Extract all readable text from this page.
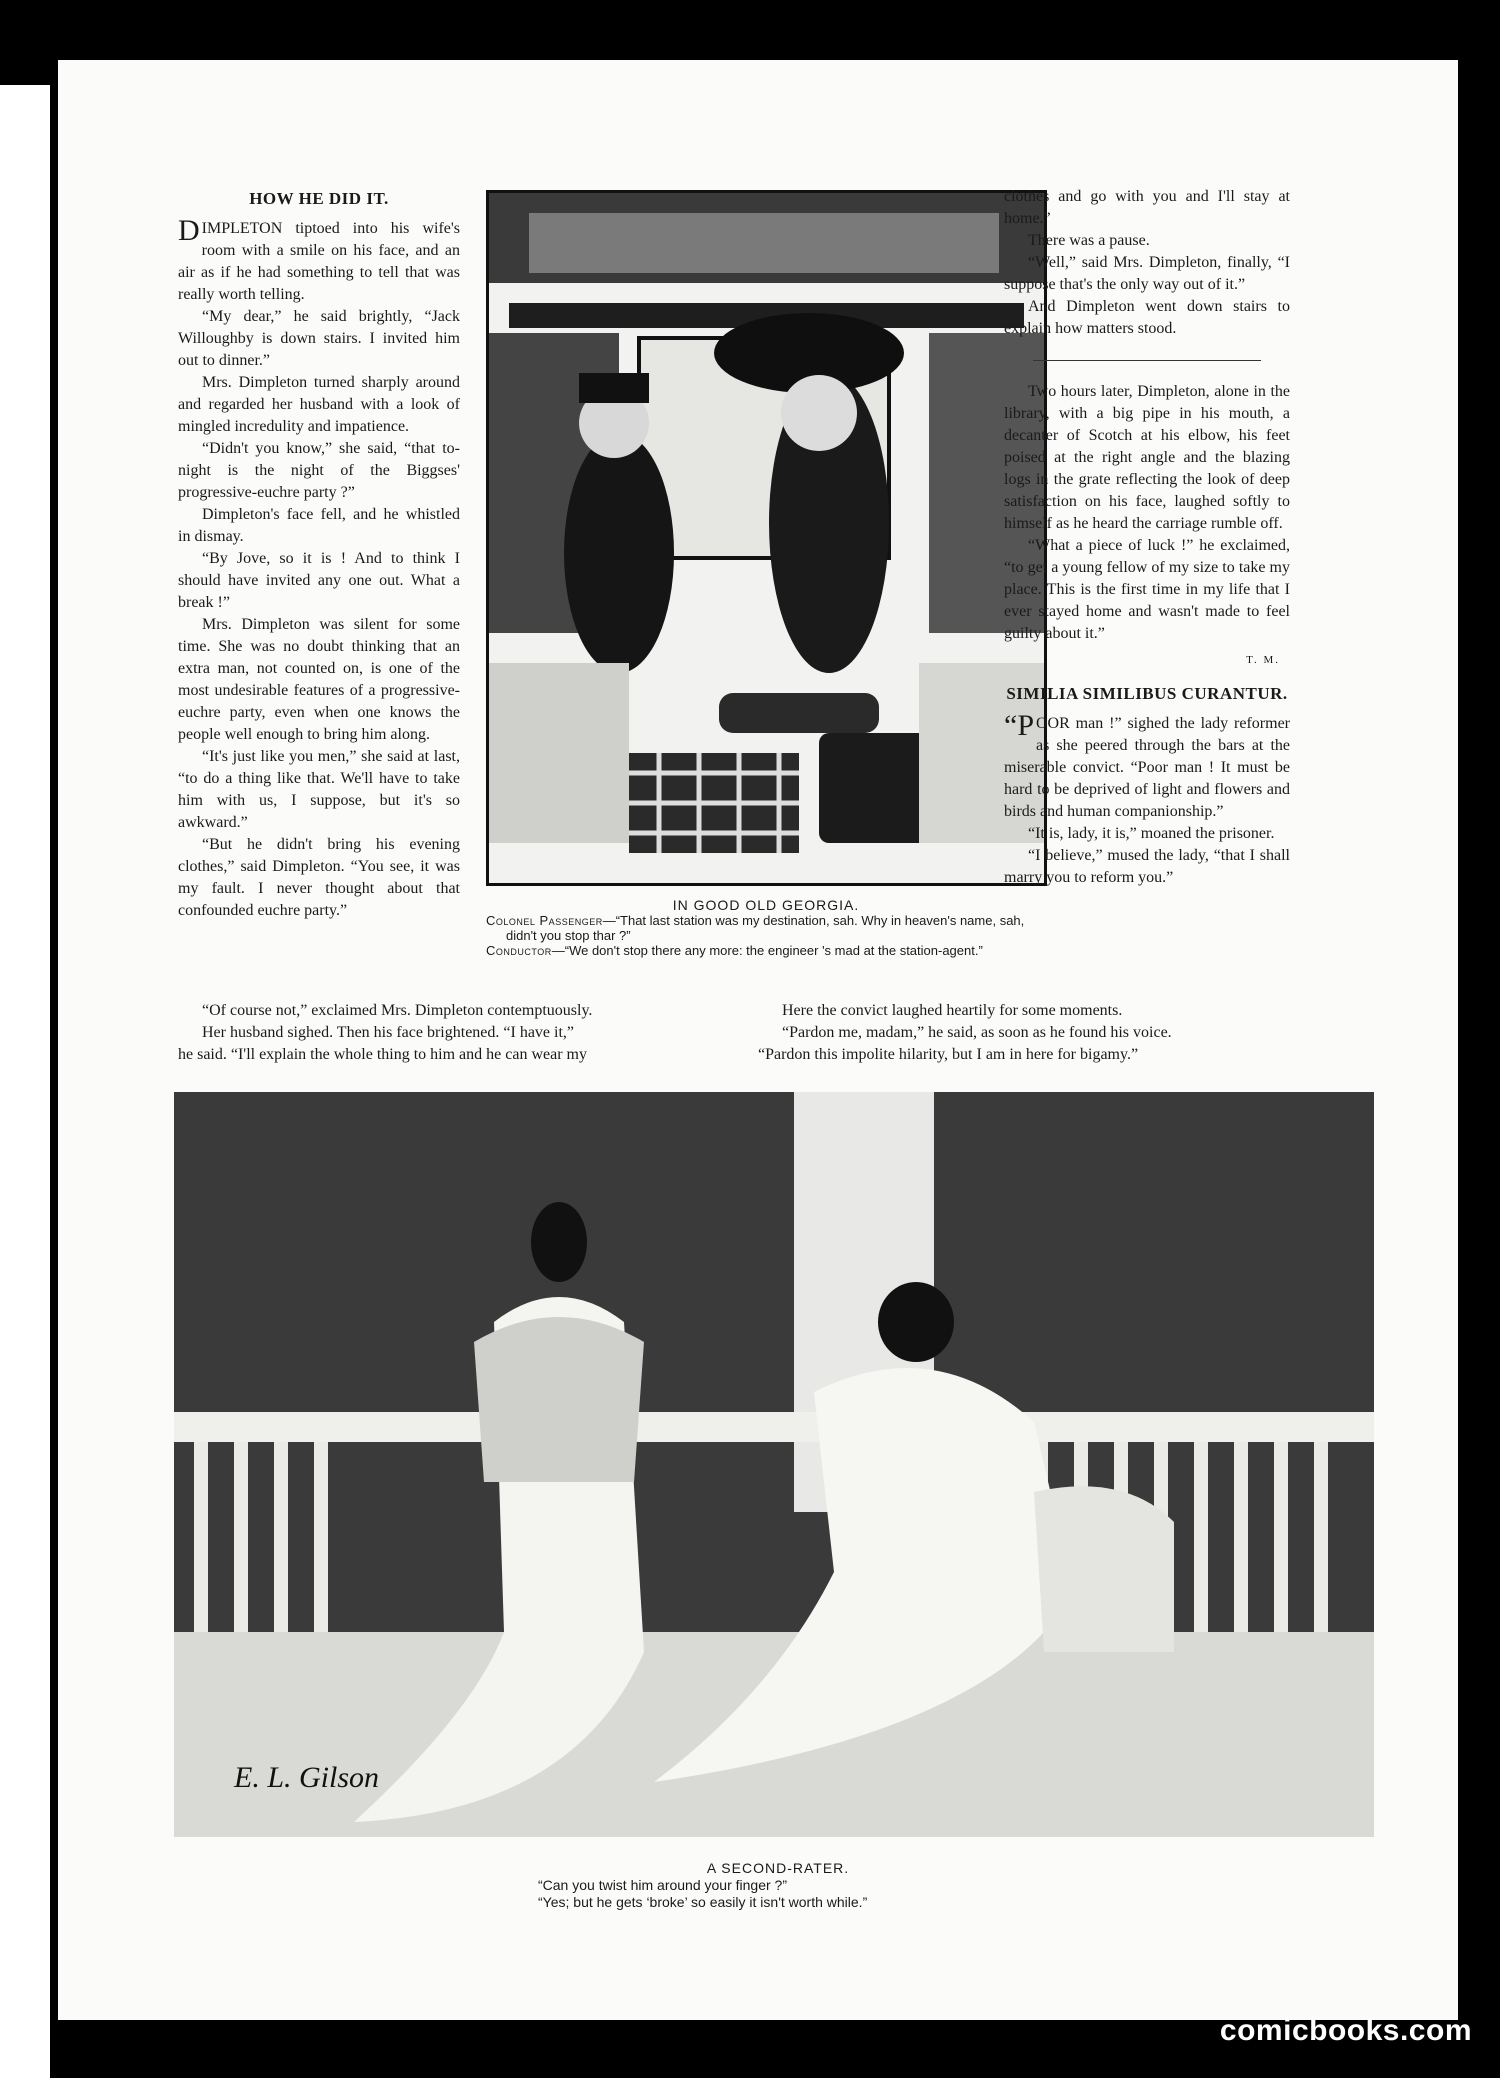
HOW HE DID IT.

DIMPLETON tiptoed into his wife's room with a smile on his face, and an air as if he had something to tell that was really worth telling.

“My dear,” he said brightly, “Jack Willoughby is down stairs. I invited him out to dinner.”

Mrs. Dimpleton turned sharply around and regarded her husband with a look of mingled incredulity and impatience.

“Didn't you know,” she said, “that to-night is the night of the Biggses' progressive-euchre party ?”

Dimpleton's face fell, and he whistled in dismay.

“By Jove, so it is ! And to think I should have invited any one out. What a break !”

Mrs. Dimpleton was silent for some time. She was no doubt thinking that an extra man, not counted on, is one of the most undesirable features of a progressive-euchre party, even when one knows the people well enough to bring him along.

“It's just like you men,” she said at last, “to do a thing like that. We'll have to take him with us, I suppose, but it's so awkward.”

“But he didn't bring his evening clothes,” said Dimpleton. “You see, it was my fault. I never thought about that confounded euchre party.”	IN GOOD OLD GEORGIA.
Colonel Passenger—“That last station was my destination, sah. Why in heaven's name, sah, didn't you stop thar ?”
Conductor—“We don't stop there any more: the engineer 's mad at the station-agent.”

clothes and go with you and I'll stay at home.”

There was a pause.

“Well,” said Mrs. Dimpleton, finally, “I suppose that's the only way out of it.”

And Dimpleton went down stairs to explain how matters stood.

Two hours later, Dimpleton, alone in the library, with a big pipe in his mouth, a decanter of Scotch at his elbow, his feet poised at the right angle and the blazing logs in the grate reflecting the look of deep satisfaction on his face, laughed softly to himself as he heard the carriage rumble off.

“What a piece of luck !” he exclaimed, “to get a young fellow of my size to take my place. This is the first time in my life that I ever stayed home and wasn't made to feel guilty about it.”

T. M.
SIMILIA SIMILIBUS CURANTUR.

“POOR man !” sighed the lady reformer as she peered through the bars at the miserable convict. “Poor man ! It must be hard to be deprived of light and flowers and birds and human companionship.”

“It is, lady, it is,” moaned the prisoner.

“I believe,” mused the lady, “that I shall marry you to reform you.”

“Of course not,” exclaimed Mrs. Dimpleton contemptuously.
Her husband sighed. Then his face brightened. “I have it,”
he said. “I'll explain the whole thing to him and he can wear my
Here the convict laughed heartily for some moments.
“Pardon me, madam,” he said, as soon as he found his voice.
“Pardon this impolite hilarity, but I am in here for bigamy.”
E. L. Gilson
A SECOND-RATER.
“Can you twist him around your finger ?”
“Yes; but he gets ‘broke’ so easily it isn't worth while.”
comicbooks.com
